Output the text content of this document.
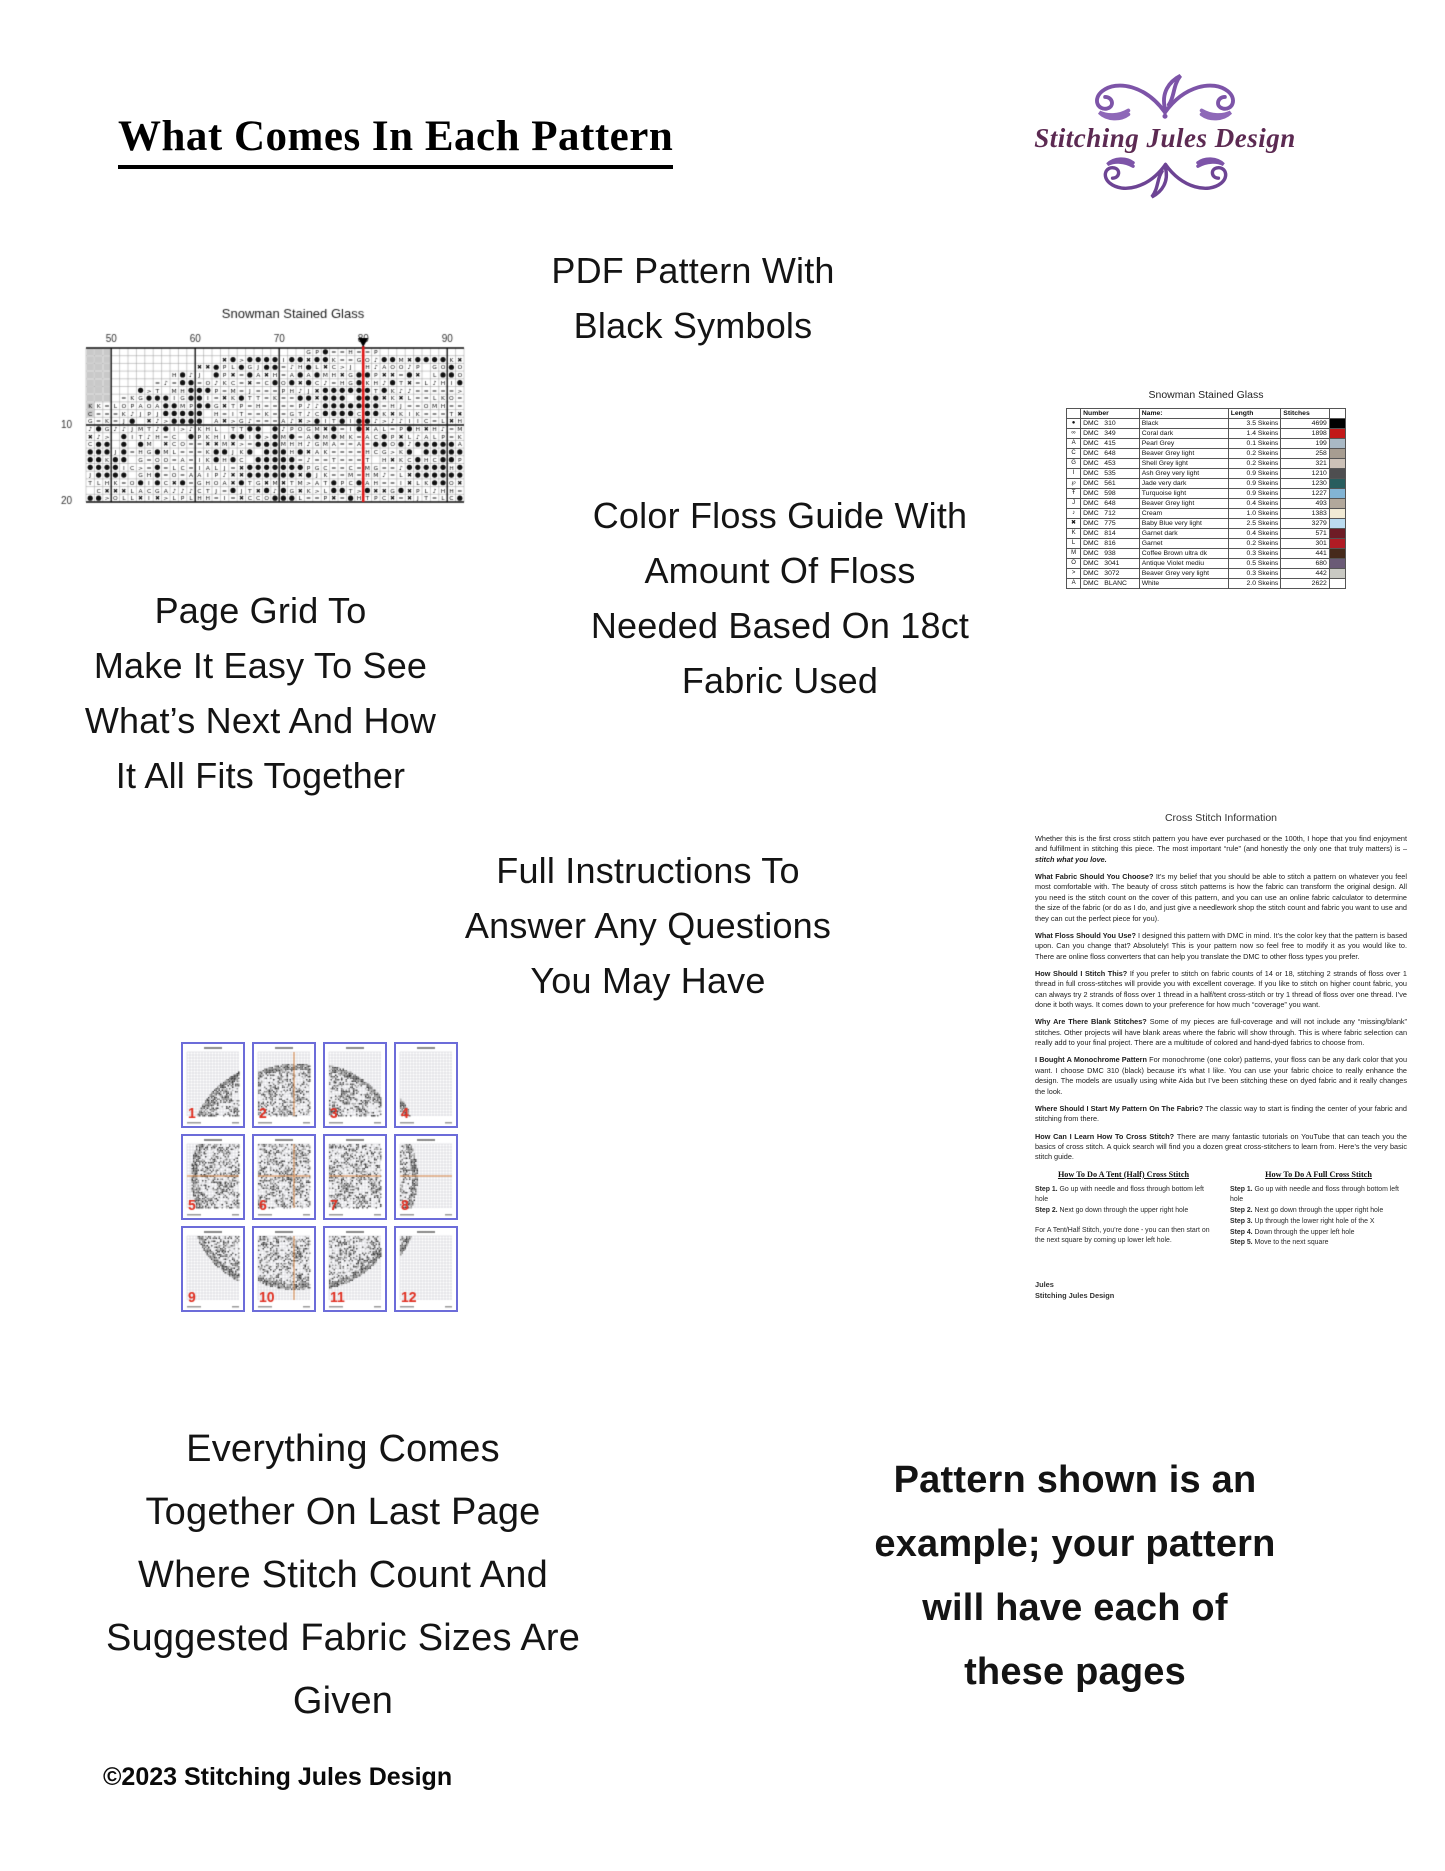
What Comes In Each Pattern	Stitching Jules Design
PDF Pattern With
Black Symbols
Snowman Stained Glass
	Number	Name:	Length	Stitches	
●	DMC   310	Black	3.5 Skeins	4699	
∞	DMC   349	Coral dark	1.4 Skeins	1898	
A	DMC   415	Pearl Grey	0.1 Skeins	199	
C	DMC   648	Beaver Grey light	0.2 Skeins	258	
G	DMC   453	Shell Grey light	0.2 Skeins	321	
I	DMC   535	Ash Grey very light	0.9 Skeins	1210	
℘	DMC   561	Jade very dark	0.9 Skeins	1230	
Ŧ	DMC   598	Turquoise light	0.9 Skeins	1227	
J	DMC   648	Beaver Grey light	0.4 Skeins	493	
♪	DMC   712	Cream	1.0 Skeins	1383	
✖	DMC   775	Baby Blue very light	2.5 Skeins	3279	
K	DMC   814	Garnet dark	0.4 Skeins	571	
L	DMC   816	Garnet	0.2 Skeins	301	
M	DMC   938	Coffee Brown ultra dk	0.3 Skeins	441	
O	DMC   3041	Antique Violet mediu	0.5 Skeins	680	
>	DMC   3072	Beaver Grey very light	0.3 Skeins	442	
A	DMC   BLANC	White	2.0 Skeins	2622	
Color Floss Guide With
Amount Of Floss
Needed Based On 18ct
Fabric Used
Page Grid To
Make It Easy To See
What’s Next And How
It All Fits Together
Full Instructions To
Answer Any Questions
You May Have
Cross Stitch Information

Whether this is the first cross stitch pattern you have ever purchased or the 100th, I hope that you find enjoyment and fulfillment in stitching this piece. The most important “rule” (and honestly the only one that truly matters) is – stitch what you love.

What Fabric Should You Choose? It’s my belief that you should be able to stitch a pattern on whatever you feel most comfortable with. The beauty of cross stitch patterns is how the fabric can transform the original design. All you need is the stitch count on the cover of this pattern, and you can use an online fabric calculator to determine the size of the fabric (or do as I do, and just give a needlework shop the stitch count and fabric you want to use and they can cut the perfect piece for you).

What Floss Should You Use? I designed this pattern with DMC in mind. It’s the color key that the pattern is based upon. Can you change that? Absolutely! This is your pattern now so feel free to modify it as you would like to. There are online floss converters that can help you translate the DMC to other floss types you prefer.

How Should I Stitch This? If you prefer to stitch on fabric counts of 14 or 18, stitching 2 strands of floss over 1 thread in full cross-stitches will provide you with excellent coverage. If you like to stitch on higher count fabric, you can always try 2 strands of floss over 1 thread in a half/tent cross-stitch or try 1 thread of floss over one thread. I’ve done it both ways. It comes down to your preference for how much “coverage” you want.

Why Are There Blank Stitches? Some of my pieces are full-coverage and will not include any “missing/blank” stitches. Other projects will have blank areas where the fabric will show through. This is where fabric selection can really add to your final project. There are a multitude of colored and hand-dyed fabrics to choose from.

I Bought A Monochrome Pattern For monochrome (one color) patterns, your floss can be any dark color that you want. I choose DMC 310 (black) because it’s what I like. You can use your fabric choice to really enhance the design. The models are usually using white Aida but I’ve been stitching these on dyed fabric and it really changes the look.

Where Should I Start My Pattern On The Fabric? The classic way to start is finding the center of your fabric and stitching from there.

How Can I Learn How To Cross Stitch? There are many fantastic tutorials on YouTube that can teach you the basics of cross stitch. A quick search will find you a dozen great cross-stitchers to learn from. Here’s the very basic stitch guide.

How To Do A Tent (Half) Cross Stitch
Step 1. Go up with needle and floss through bottom left hole
Step 2. Next go down through the upper right hole
For A Tent/Half Stitch, you’re done - you can then start on the next square by coming up lower left hole.
How To Do A Full Cross Stitch
Step 1. Go up with needle and floss through bottom left hole
Step 2. Next go down through the upper right hole
Step 3. Up through the lower right hole of the X
Step 4. Down through the upper left hole
Step 5. Move to the next square
Jules
Stitching Jules Design
Everything Comes
Together On Last Page
Where Stitch Count And
Suggested Fabric Sizes Are
Given
Pattern shown is an
example; your pattern
will have each of
these pages
©2023 Stitching Jules Design
